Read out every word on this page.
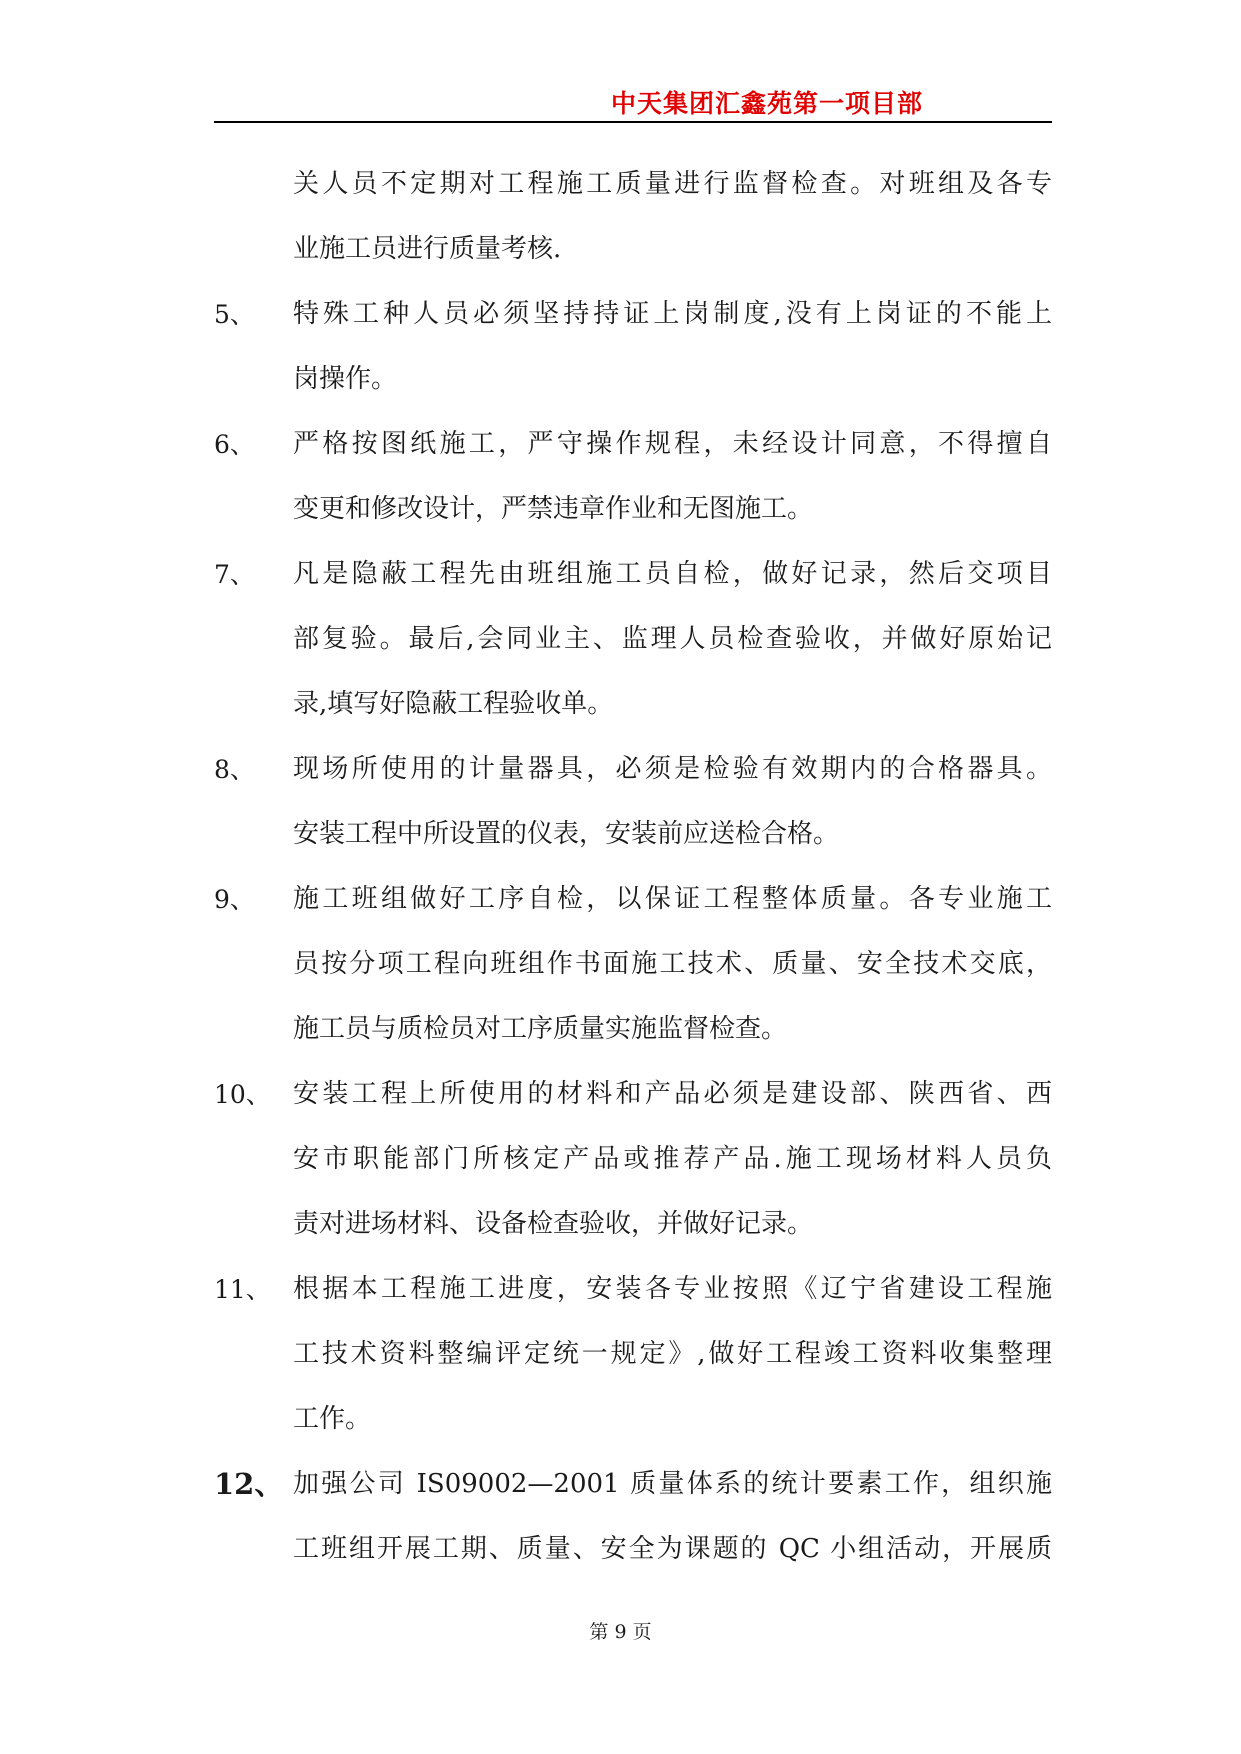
中天集团汇鑫苑第一项目部
关人员不定期对工程施工质量进行监督检查。对班组及各专
业施工员进行质量考核.
5、	特殊工种人员必须坚持持证上岗制度,没有上岗证的不能上
岗操作。
6、	严格按图纸施工，严守操作规程，未经设计同意，不得擅自
变更和修改设计，严禁违章作业和无图施工。
7、	凡是隐蔽工程先由班组施工员自检，做好记录，然后交项目
部复验。最后,会同业主、监理人员检查验收，并做好原始记
录,填写好隐蔽工程验收单。
8、	现场所使用的计量器具，必须是检验有效期内的合格器具。
安装工程中所设置的仪表，安装前应送检合格。
9、	施工班组做好工序自检，以保证工程整体质量。各专业施工
员按分项工程向班组作书面施工技术、质量、安全技术交底，
施工员与质检员对工序质量实施监督检查。
10、 安装工程上所使用的材料和产品必须是建设部、陕西省、西
安市职能部门所核定产品或推荐产品.施工现场材料人员负
责对进场材料、设备检查验收，并做好记录。
11、 根据本工程施工进度，安装各专业按照《辽宁省建设工程施
工技术资料整编评定统一规定》,做好工程竣工资料收集整理
工作。
12、 加强公司 IS09002—2001 质量体系的统计要素工作，组织施
工班组开展工期、质量、安全为课题的 QC 小组活动，开展质
第 9 页
